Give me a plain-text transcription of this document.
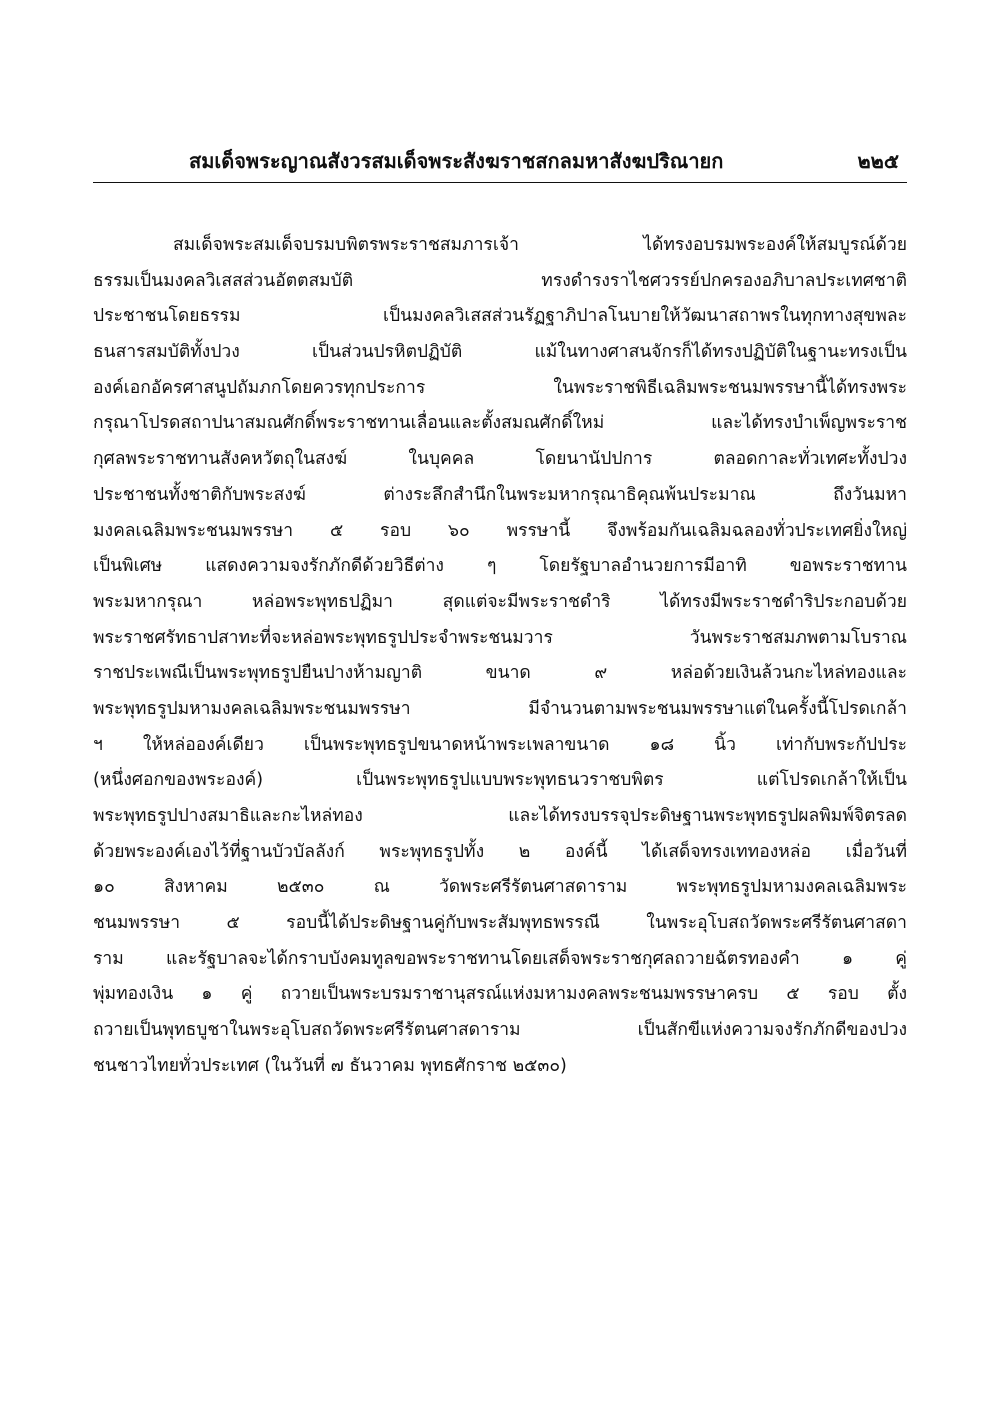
สมเด็จพระญาณสังวรสมเด็จพระสังฆราชสกลมหาสังฆปริณายก	๒๒๕

สมเด็จพระสมเด็จบรมบพิตรพระราชสมภารเจ้า ได้ทรงอบรมพระองค์ให้สมบูรณ์ด้วย
ธรรมเป็นมงคลวิเสสส่วนอัตตสมบัติ ทรงดำรงราไชศวรรย์ปกครองอภิบาลประเทศชาติ
ประชาชนโดยธรรม เป็นมงคลวิเสสส่วนรัฏฐาภิปาลโนบายให้วัฒนาสถาพรในทุกทางสุขพละ
ธนสารสมบัติทั้งปวง เป็นส่วนปรหิตปฏิบัติ แม้ในทางศาสนจักรก็ได้ทรงปฏิบัติในฐานะทรงเป็น
องค์เอกอัครศาสนูปถัมภกโดยควรทุกประการ ในพระราชพิธีเฉลิมพระชนมพรรษานี้ได้ทรงพระ
กรุณาโปรดสถาปนาสมณศักดิ์พระราชทานเลื่อนและตั้งสมณศักดิ์ใหม่ และได้ทรงบำเพ็ญพระราช
กุศลพระราชทานสังคหวัตถุในสงฆ์ ในบุคคล โดยนานัปปการ ตลอดกาละทั่วเทศะทั้งปวง
ประชาชนทั้งชาติกับพระสงฆ์ ต่างระลึกสำนึกในพระมหากรุณาธิคุณพ้นประมาณ ถึงวันมหา
มงคลเฉลิมพระชนมพรรษา ๕ รอบ ๖๐ พรรษานี้ จึงพร้อมกันเฉลิมฉลองทั่วประเทศยิ่งใหญ่
เป็นพิเศษ แสดงความจงรักภักดีด้วยวิธีต่าง ๆ โดยรัฐบาลอำนวยการมีอาทิ ขอพระราชทาน
พระมหากรุณา หล่อพระพุทธปฏิมา สุดแต่จะมีพระราชดำริ ได้ทรงมีพระราชดำริประกอบด้วย
พระราชศรัทธาปสาทะที่จะหล่อพระพุทธรูปประจำพระชนมวาร วันพระราชสมภพตามโบราณ
ราชประเพณีเป็นพระพุทธรูปยืนปางห้ามญาติ ขนาด ๙ หล่อด้วยเงินล้วนกะไหล่ทองและ
พระพุทธรูปมหามงคลเฉลิมพระชนมพรรษา มีจำนวนตามพระชนมพรรษาแต่ในครั้งนี้โปรดเกล้า
ฯ ให้หล่อองค์เดียว เป็นพระพุทธรูปขนาดหน้าพระเพลาขนาด ๑๘ นิ้ว เท่ากับพระกัปประ
(หนึ่งศอกของพระองค์) เป็นพระพุทธรูปแบบพระพุทธนวราชบพิตร แต่โปรดเกล้าให้เป็น
พระพุทธรูปปางสมาธิและกะไหล่ทอง และได้ทรงบรรจุประดิษฐานพระพุทธรูปผลพิมพ์จิตรลด
ด้วยพระองค์เองไว้ที่ฐานบัวบัลลังก์ พระพุทธรูปทั้ง ๒ องค์นี้ ได้เสด็จทรงเททองหล่อ เมื่อวันที่
๑๐ สิงหาคม ๒๕๓๐ ณ วัดพระศรีรัตนศาสดาราม พระพุทธรูปมหามงคลเฉลิมพระ
ชนมพรรษา ๕ รอบนี้ได้ประดิษฐานคู่กับพระสัมพุทธพรรณี ในพระอุโบสถวัดพระศรีรัตนศาสดา
ราม และรัฐบาลจะได้กราบบังคมทูลขอพระราชทานโดยเสด็จพระราชกุศลถวายฉัตรทองคำ ๑ คู่
พุ่มทองเงิน ๑ คู่ ถวายเป็นพระบรมราชานุสรณ์แห่งมหามงคลพระชนมพรรษาครบ ๕ รอบ ตั้ง
ถวายเป็นพุทธบูชาในพระอุโบสถวัดพระศรีรัตนศาสดาราม เป็นสักขีแห่งความจงรักภักดีของปวง
ชนชาวไทยทั่วประเทศ (ในวันที่ ๗ ธันวาคม พุทธศักราช ๒๕๓๐)
